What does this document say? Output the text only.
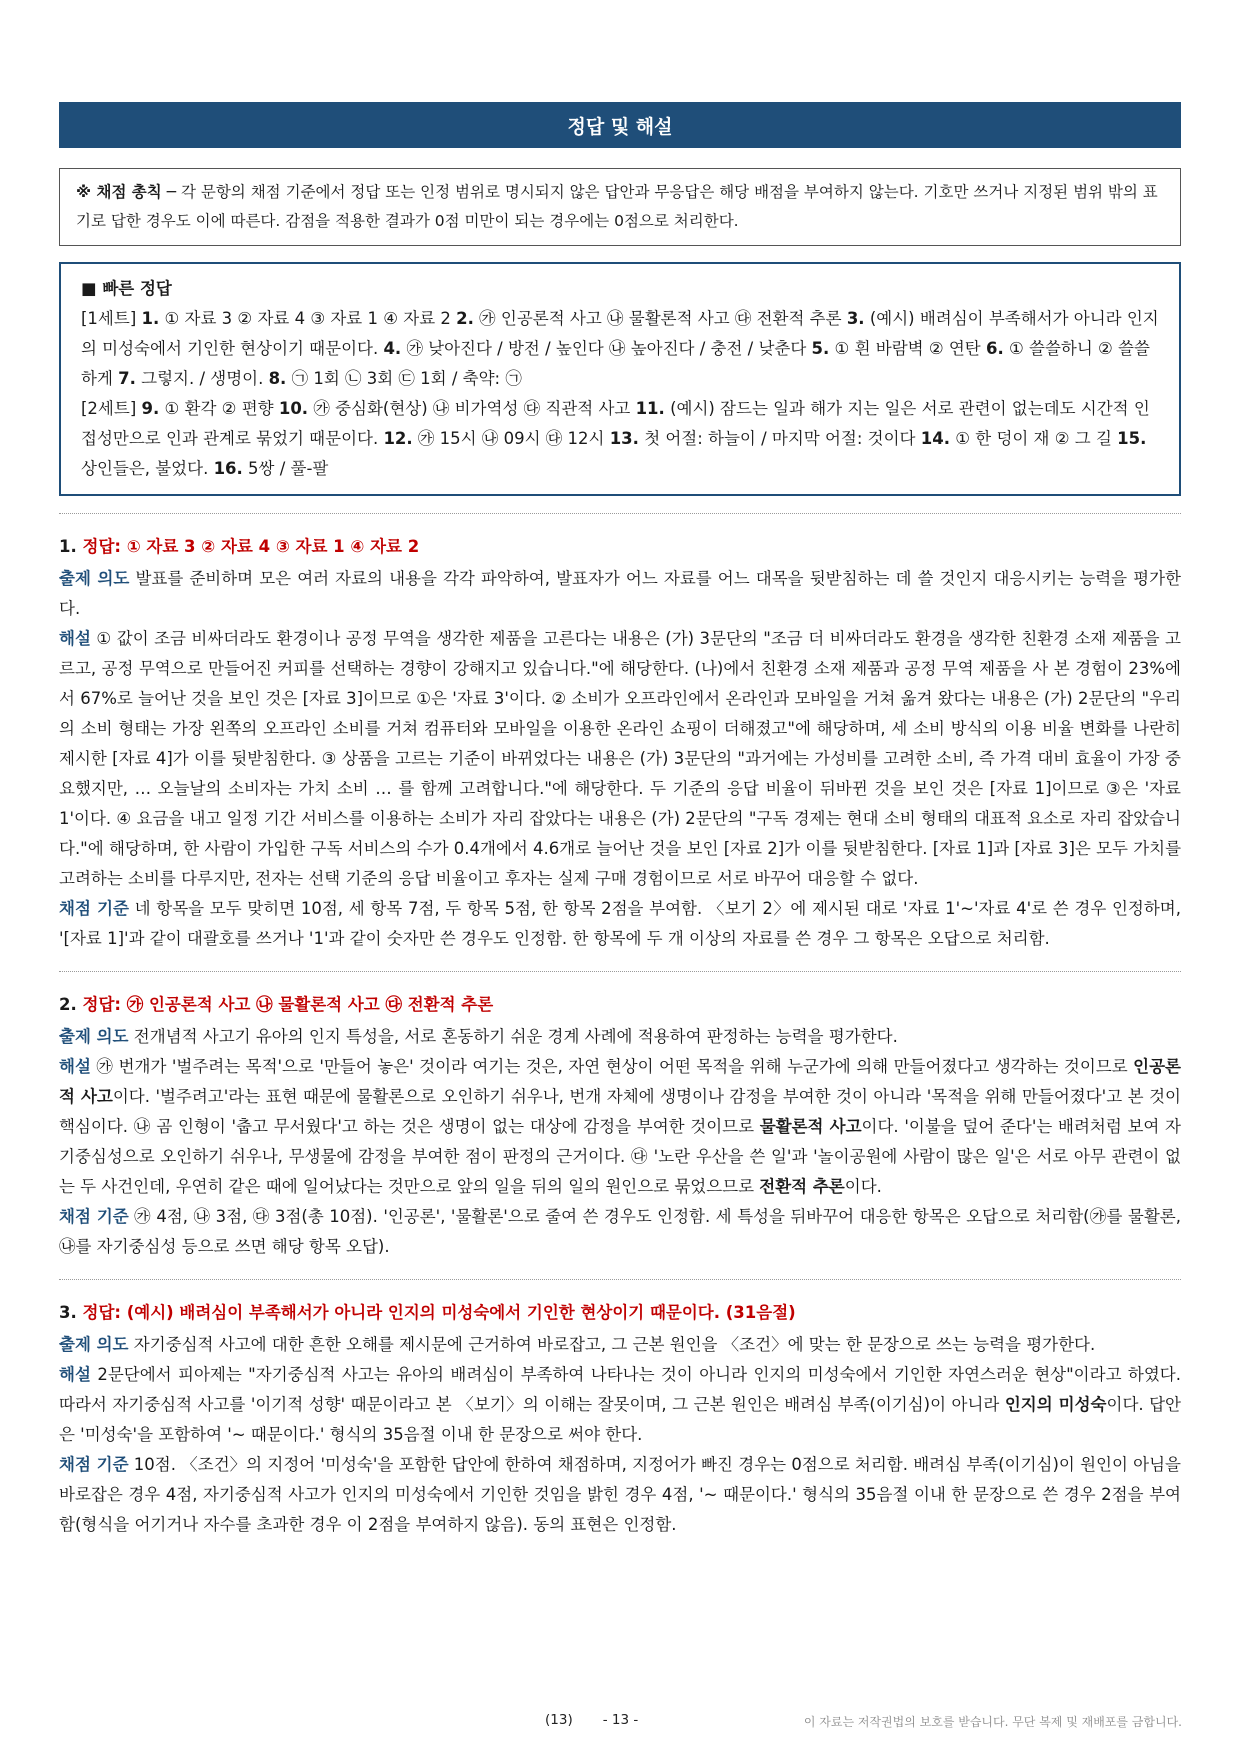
정답 및 해설
※ 채점 총칙 ─ 각 문항의 채점 기준에서 정답 또는 인정 범위로 명시되지 않은 답안과 무응답은 해당 배점을 부여하지 않는다. 기호만 쓰거나 지정된 범위 밖의 표기로 답한 경우도 이에 따른다. 감점을 적용한 결과가 0점 미만이 되는 경우에는 0점으로 처리한다.

■ 빠른 정답

[1세트] 1. ① 자료 3 ② 자료 4 ③ 자료 1 ④ 자료 2 2. ㉮ 인공론적 사고 ㉯ 물활론적 사고 ㉰ 전환적 추론 3. (예시) 배려심이 부족해서가 아니라 인지의 미성숙에서 기인한 현상이기 때문이다. 4. ㉮ 낮아진다 / 방전 / 높인다 ㉯ 높아진다 / 충전 / 낮춘다 5. ① 흰 바람벽 ② 연탄 6. ① 쓸쓸하니 ② 쓸쓸하게 7. 그렇지. / 생명이. 8. ㉠ 1회 ㉡ 3회 ㉢ 1회 / 축약: ㉠

[2세트] 9. ① 환각 ② 편향 10. ㉮ 중심화(현상) ㉯ 비가역성 ㉰ 직관적 사고 11. (예시) 잠드는 일과 해가 지는 일은 서로 관련이 없는데도 시간적 인접성만으로 인과 관계로 묶었기 때문이다. 12. ㉮ 15시 ㉯ 09시 ㉰ 12시 13. 첫 어절: 하늘이 / 마지막 어절: 것이다 14. ① 한 덩이 재 ② 그 길 15. 상인들은, 불었다. 16. 5쌍 / 풀-팔

1. 정답: ① 자료 3 ② 자료 4 ③ 자료 1 ④ 자료 2

출제 의도 발표를 준비하며 모은 여러 자료의 내용을 각각 파악하여, 발표자가 어느 자료를 어느 대목을 뒷받침하는 데 쓸 것인지 대응시키는 능력을 평가한다.

해설 ① 값이 조금 비싸더라도 환경이나 공정 무역을 생각한 제품을 고른다는 내용은 (가) 3문단의 "조금 더 비싸더라도 환경을 생각한 친환경 소재 제품을 고르고, 공정 무역으로 만들어진 커피를 선택하는 경향이 강해지고 있습니다."에 해당한다. (나)에서 친환경 소재 제품과 공정 무역 제품을 사 본 경험이 23%에서 67%로 늘어난 것을 보인 것은 [자료 3]이므로 ①은 '자료 3'이다. ② 소비가 오프라인에서 온라인과 모바일을 거쳐 옮겨 왔다는 내용은 (가) 2문단의 "우리의 소비 형태는 가장 왼쪽의 오프라인 소비를 거쳐 컴퓨터와 모바일을 이용한 온라인 쇼핑이 더해졌고"에 해당하며, 세 소비 방식의 이용 비율 변화를 나란히 제시한 [자료 4]가 이를 뒷받침한다. ③ 상품을 고르는 기준이 바뀌었다는 내용은 (가) 3문단의 "과거에는 가성비를 고려한 소비, 즉 가격 대비 효율이 가장 중요했지만, … 오늘날의 소비자는 가치 소비 … 를 함께 고려합니다."에 해당한다. 두 기준의 응답 비율이 뒤바뀐 것을 보인 것은 [자료 1]이므로 ③은 '자료 1'이다. ④ 요금을 내고 일정 기간 서비스를 이용하는 소비가 자리 잡았다는 내용은 (가) 2문단의 "구독 경제는 현대 소비 형태의 대표적 요소로 자리 잡았습니다."에 해당하며, 한 사람이 가입한 구독 서비스의 수가 0.4개에서 4.6개로 늘어난 것을 보인 [자료 2]가 이를 뒷받침한다. [자료 1]과 [자료 3]은 모두 가치를 고려하는 소비를 다루지만, 전자는 선택 기준의 응답 비율이고 후자는 실제 구매 경험이므로 서로 바꾸어 대응할 수 없다.

채점 기준 네 항목을 모두 맞히면 10점, 세 항목 7점, 두 항목 5점, 한 항목 2점을 부여함. 〈보기 2〉에 제시된 대로 '자료 1'~'자료 4'로 쓴 경우 인정하며, '[자료 1]'과 같이 대괄호를 쓰거나 '1'과 같이 숫자만 쓴 경우도 인정함. 한 항목에 두 개 이상의 자료를 쓴 경우 그 항목은 오답으로 처리함.

2. 정답: ㉮ 인공론적 사고 ㉯ 물활론적 사고 ㉰ 전환적 추론

출제 의도 전개념적 사고기 유아의 인지 특성을, 서로 혼동하기 쉬운 경계 사례에 적용하여 판정하는 능력을 평가한다.

해설 ㉮ 번개가 '벌주려는 목적'으로 '만들어 놓은' 것이라 여기는 것은, 자연 현상이 어떤 목적을 위해 누군가에 의해 만들어졌다고 생각하는 것이므로 인공론적 사고이다. '벌주려고'라는 표현 때문에 물활론으로 오인하기 쉬우나, 번개 자체에 생명이나 감정을 부여한 것이 아니라 '목적을 위해 만들어졌다'고 본 것이 핵심이다. ㉯ 곰 인형이 '춥고 무서웠다'고 하는 것은 생명이 없는 대상에 감정을 부여한 것이므로 물활론적 사고이다. '이불을 덮어 준다'는 배려처럼 보여 자기중심성으로 오인하기 쉬우나, 무생물에 감정을 부여한 점이 판정의 근거이다. ㉰ '노란 우산을 쓴 일'과 '놀이공원에 사람이 많은 일'은 서로 아무 관련이 없는 두 사건인데, 우연히 같은 때에 일어났다는 것만으로 앞의 일을 뒤의 일의 원인으로 묶었으므로 전환적 추론이다.

채점 기준 ㉮ 4점, ㉯ 3점, ㉰ 3점(총 10점). '인공론', '물활론'으로 줄여 쓴 경우도 인정함. 세 특성을 뒤바꾸어 대응한 항목은 오답으로 처리함(㉮를 물활론, ㉯를 자기중심성 등으로 쓰면 해당 항목 오답).

3. 정답: (예시) 배려심이 부족해서가 아니라 인지의 미성숙에서 기인한 현상이기 때문이다. (31음절)

출제 의도 자기중심적 사고에 대한 흔한 오해를 제시문에 근거하여 바로잡고, 그 근본 원인을 〈조건〉에 맞는 한 문장으로 쓰는 능력을 평가한다.

해설 2문단에서 피아제는 "자기중심적 사고는 유아의 배려심이 부족하여 나타나는 것이 아니라 인지의 미성숙에서 기인한 자연스러운 현상"이라고 하였다. 따라서 자기중심적 사고를 '이기적 성향' 때문이라고 본 〈보기〉의 이해는 잘못이며, 그 근본 원인은 배려심 부족(이기심)이 아니라 인지의 미성숙이다. 답안은 '미성숙'을 포함하여 '~ 때문이다.' 형식의 35음절 이내 한 문장으로 써야 한다.

채점 기준 10점. 〈조건〉의 지정어 '미성숙'을 포함한 답안에 한하여 채점하며, 지정어가 빠진 경우는 0점으로 처리함. 배려심 부족(이기심)이 원인이 아님을 바로잡은 경우 4점, 자기중심적 사고가 인지의 미성숙에서 기인한 것임을 밝힌 경우 4점, '~ 때문이다.' 형식의 35음절 이내 한 문장으로 쓴 경우 2점을 부여함(형식을 어기거나 자수를 초과한 경우 이 2점을 부여하지 않음). 동의 표현은 인정함.

(13) - 13 -	이 자료는 저작권법의 보호를 받습니다. 무단 복제 및 재배포를 금합니다.
